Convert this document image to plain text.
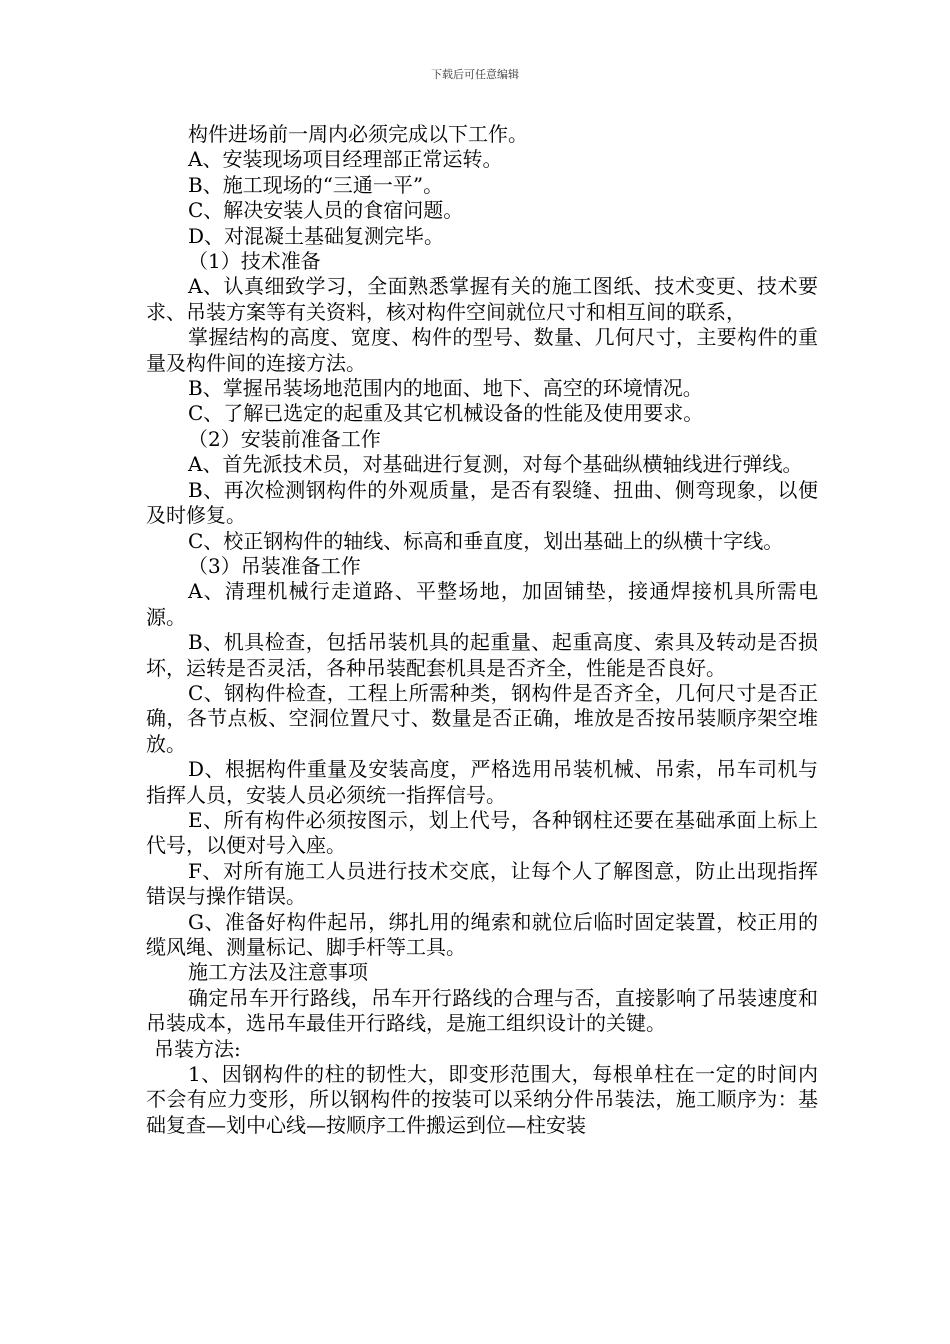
下载后可任意编辑

构件进场前一周内必须完成以下工作。

A、安装现场项目经理部正常运转。

B、施工现场的“三通一平”。

C、解决安装人员的食宿问题。

D、对混凝土基础复测完毕。

（1）技术准备

A、认真细致学习，全面熟悉掌握有关的施工图纸、技术变更、技术要求、吊装方案等有关资料，核对构件空间就位尺寸和相互间的联系，

掌握结构的高度、宽度、构件的型号、数量、几何尺寸，主要构件的重量及构件间的连接方法。

B、掌握吊装场地范围内的地面、地下、高空的环境情况。

C、了解已选定的起重及其它机械设备的性能及使用要求。

（2）安装前准备工作

A、首先派技术员，对基础进行复测，对每个基础纵横轴线进行弹线。

B、再次检测钢构件的外观质量，是否有裂缝、扭曲、侧弯现象，以便及时修复。

C、校正钢构件的轴线、标高和垂直度，划出基础上的纵横十字线。

（3）吊装准备工作

A、清理机械行走道路、平整场地，加固铺垫，接通焊接机具所需电源。

B、机具检查，包括吊装机具的起重量、起重高度、索具及转动是否损坏，运转是否灵活，各种吊装配套机具是否齐全，性能是否良好。

C、钢构件检查，工程上所需种类，钢构件是否齐全，几何尺寸是否正确，各节点板、空洞位置尺寸、数量是否正确，堆放是否按吊装顺序架空堆放。

D、根据构件重量及安装高度，严格选用吊装机械、吊索，吊车司机与指挥人员，安装人员必须统一指挥信号。

E、所有构件必须按图示，划上代号，各种钢柱还要在基础承面上标上代号，以便对号入座。

F、对所有施工人员进行技术交底，让每个人了解图意，防止出现指挥错误与操作错误。

G、准备好构件起吊，绑扎用的绳索和就位后临时固定装置，校正用的缆风绳、测量标记、脚手杆等工具。

施工方法及注意事项

确定吊车开行路线，吊车开行路线的合理与否，直接影响了吊装速度和吊装成本，选吊车最佳开行路线，是施工组织设计的关键。

吊装方法:

1、因钢构件的柱的韧性大，即变形范围大，每根单柱在一定的时间内不会有应力变形，所以钢构件的按装可以采纳分件吊装法，施工顺序为：基础复查—划中心线—按顺序工件搬运到位—柱安装
